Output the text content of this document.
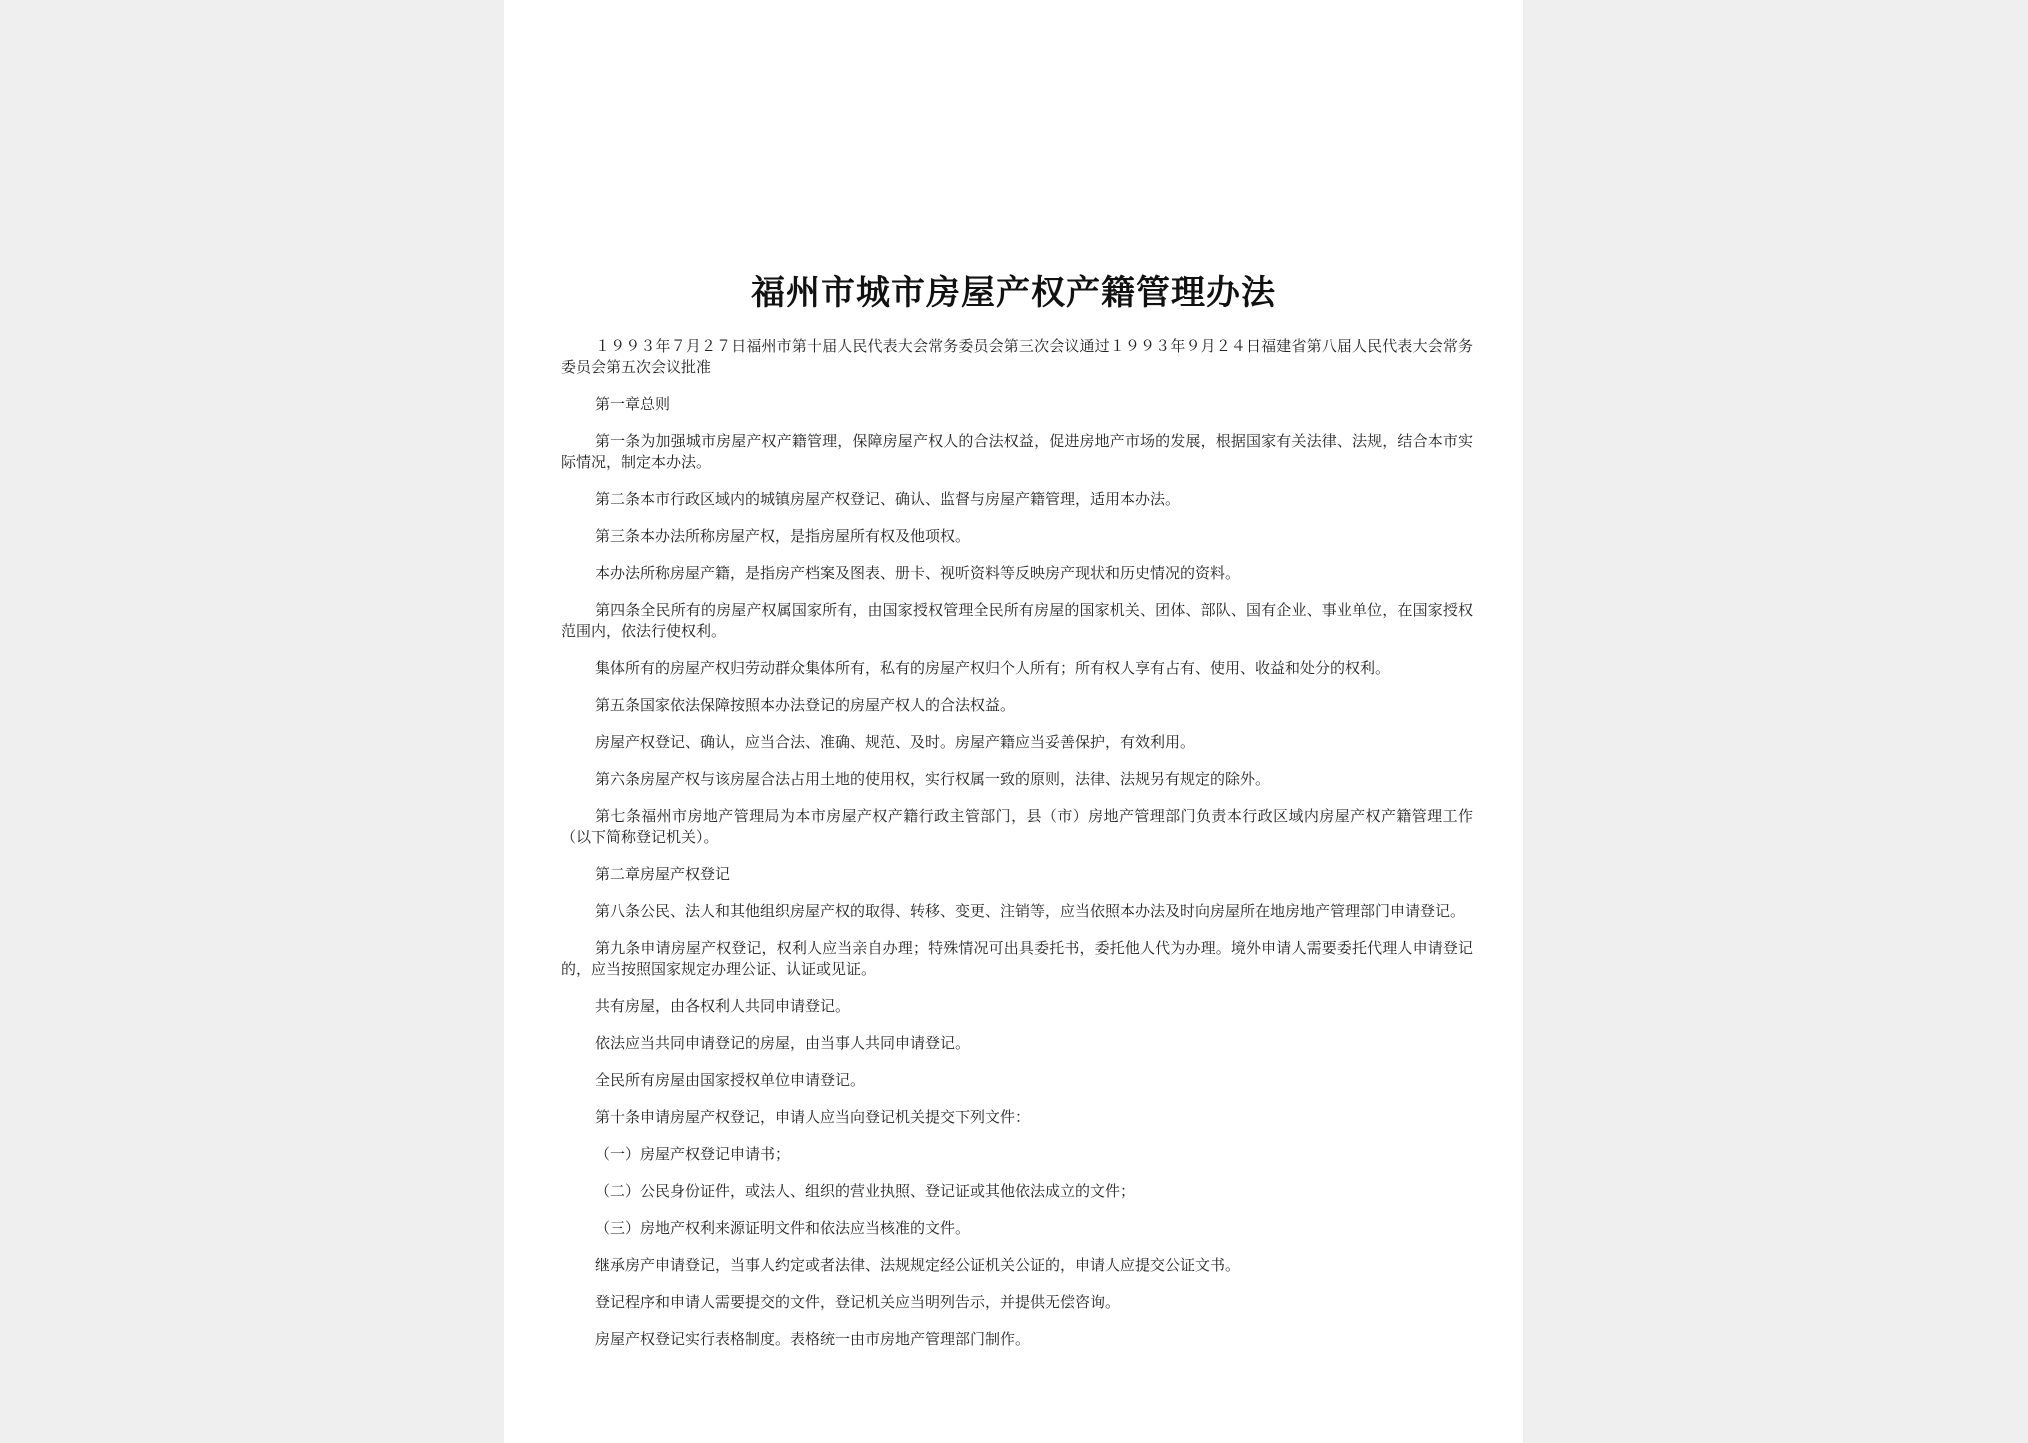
福州市城市房屋产权产籍管理办法

１９９３年７月２７日福州市第十届人民代表大会常务委员会第三次会议通过１９９３年９月２４日福建省第八届人民代表大会常务委员会第五次会议批准

第一章总则

第一条为加强城市房屋产权产籍管理，保障房屋产权人的合法权益，促进房地产市场的发展，根据国家有关法律、法规，结合本市实际情况，制定本办法。

第二条本市行政区域内的城镇房屋产权登记、确认、监督与房屋产籍管理，适用本办法。

第三条本办法所称房屋产权，是指房屋所有权及他项权。

本办法所称房屋产籍，是指房产档案及图表、册卡、视听资料等反映房产现状和历史情况的资料。

第四条全民所有的房屋产权属国家所有，由国家授权管理全民所有房屋的国家机关、团体、部队、国有企业、事业单位，在国家授权范围内，依法行使权利。

集体所有的房屋产权归劳动群众集体所有，私有的房屋产权归个人所有；所有权人享有占有、使用、收益和处分的权利。

第五条国家依法保障按照本办法登记的房屋产权人的合法权益。

房屋产权登记、确认，应当合法、准确、规范、及时。房屋产籍应当妥善保护，有效利用。

第六条房屋产权与该房屋合法占用土地的使用权，实行权属一致的原则，法律、法规另有规定的除外。

第七条福州市房地产管理局为本市房屋产权产籍行政主管部门，县（市）房地产管理部门负责本行政区域内房屋产权产籍管理工作（以下简称登记机关）。

第二章房屋产权登记

第八条公民、法人和其他组织房屋产权的取得、转移、变更、注销等，应当依照本办法及时向房屋所在地房地产管理部门申请登记。

第九条申请房屋产权登记，权利人应当亲自办理；特殊情况可出具委托书，委托他人代为办理。境外申请人需要委托代理人申请登记的，应当按照国家规定办理公证、认证或见证。

共有房屋，由各权利人共同申请登记。

依法应当共同申请登记的房屋，由当事人共同申请登记。

全民所有房屋由国家授权单位申请登记。

第十条申请房屋产权登记，申请人应当向登记机关提交下列文件：

（一）房屋产权登记申请书；

（二）公民身份证件，或法人、组织的营业执照、登记证或其他依法成立的文件；

（三）房地产权利来源证明文件和依法应当核准的文件。

继承房产申请登记，当事人约定或者法律、法规规定经公证机关公证的，申请人应提交公证文书。

登记程序和申请人需要提交的文件，登记机关应当明列告示，并提供无偿咨询。

房屋产权登记实行表格制度。表格统一由市房地产管理部门制作。
